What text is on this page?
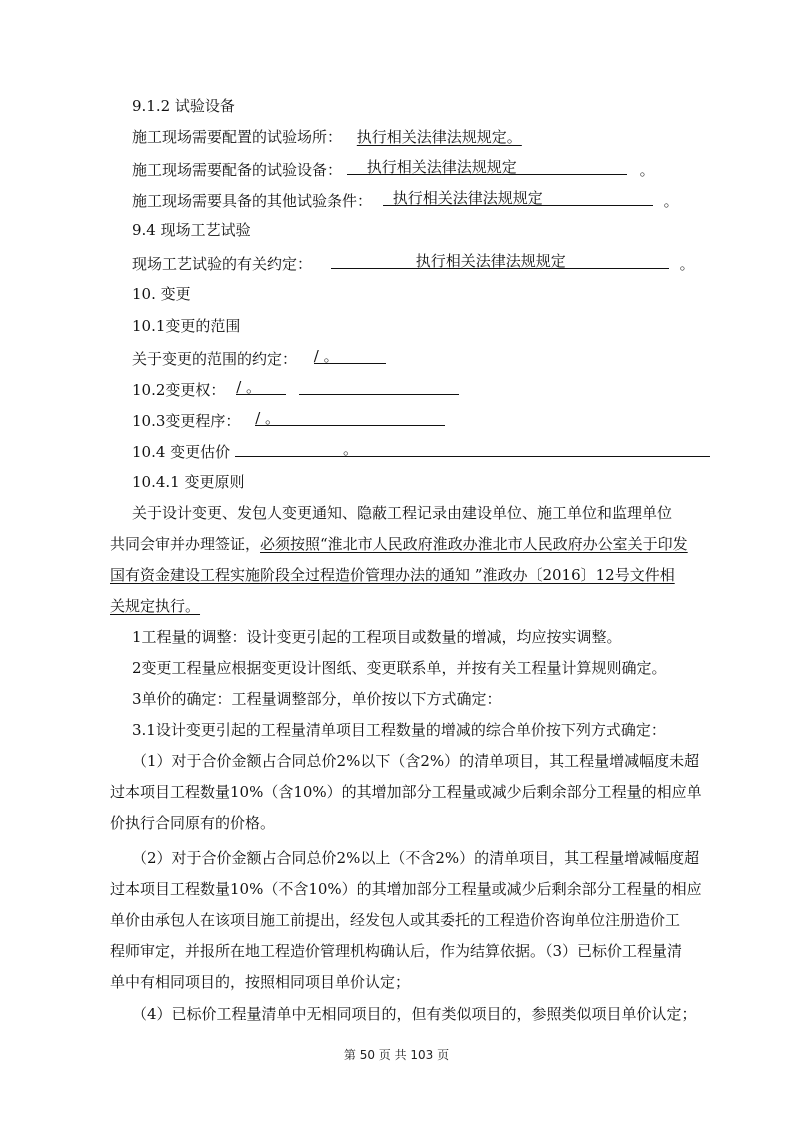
9.1.2 试验设备
施工现场需要配置的试验场所： 执行相关法律法规规定。
施工现场需要配备的试验设备： 执行相关法律法规规定	。
施工现场需要具备的其他试验条件： 执行相关法律法规规定	。
9.4 现场工艺试验
现场工艺试验的有关约定：	执行相关法律法规规定	。
10. 变更
10.1变更的范围
关于变更的范围的约定： / 。
10.2变更权： / 。

10.3变更程序： / 。
10.4 变更估价	。
10.4.1 变更原则
关于设计变更、发包人变更通知、隐蔽工程记录由建设单位、施工单位和监理单位
共同会审并办理签证，必须按照“淮北市人民政府淮政办淮北市人民政府办公室关于印发
国有资金建设工程实施阶段全过程造价管理办法的通知 ”淮政办〔2016〕12号文件相
关规定执行。
1工程量的调整：设计变更引起的工程项目或数量的增减，均应按实调整。
2变更工程量应根据变更设计图纸、变更联系单，并按有关工程量计算规则确定。
3单价的确定：工程量调整部分，单价按以下方式确定：
3.1设计变更引起的工程量清单项目工程数量的增减的综合单价按下列方式确定：
（1）对于合价金额占合同总价2%以下（含2%）的清单项目，其工程量增减幅度未超
过本项目工程数量10%（含10%）的其增加部分工程量或减少后剩余部分工程量的相应单
价执行合同原有的价格。
（2）对于合价金额占合同总价2%以上（不含2%）的清单项目，其工程量增减幅度超
过本项目工程数量10%（不含10%）的其增加部分工程量或减少后剩余部分工程量的相应
单价由承包人在该项目施工前提出，经发包人或其委托的工程造价咨询单位注册造价工
程师审定，并报所在地工程造价管理机构确认后，作为结算依据。（3）已标价工程量清
单中有相同项目的，按照相同项目单价认定；
（4）已标价工程量清单中无相同项目的，但有类似项目的，参照类似项目单价认定；
第 50 页 共 103 页
